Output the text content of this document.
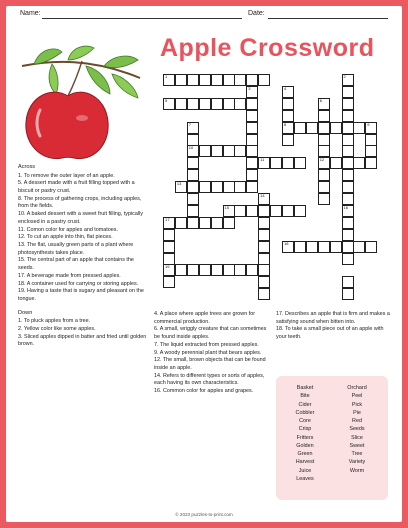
Name:	Date:
Apple Crossword
1	2
3	4
5	6
7	8	9
10
11	12
13
14
15	16
17
18
19
Across
1. To remove the outer layer of an apple.
5. A dessert made with a fruit filling topped with a biscuit or pastry crust.
8. The process of gathering crops, including apples, from the fields.
10. A baked dessert with a sweet fruit filling, typically enclosed in a pastry crust.
11. Comon color for apples and tomatoes.
12. To cut an apple into thin, flat pieces.
13. The flat, usually green parts of a plant where photosynthesis takes place.
15. The central part of an apple that contains the seeds.
17. A beverage made from pressed apples.
18. A container used for carrying or storing apples.
19. Having a taste that is sugary and pleasant on the tongue.
Down
1. To pluck apples from a tree.
2. Yellow color like some apples.
3. Sliced apples dipped in batter and fried until golden brown.
4. A place where apple trees are grown for commercial production.
6. A small, wriggly creature that can sometimes be found inside apples.
7. The liquid extracted from pressed apples.
9. A woody perennial plant that bears apples.
12. The small, brown objects that can be found inside an apple.
14. Refers to different types or sorts of apples, each having its own characteristics.
16. Common color for apples and grapes.
17. Describes an apple that is firm and makes a satisfying sound when bitten into.
18. To take a small piece out of an apple with your teeth.
Basket
Bite
Cider
Cobbler
Core
Crisp
Fritters
Golden
Green
Harvest
Juice
Leaves
Orchard
Peel
Pick
Pie
Red
Seeds
Slice
Sweet
Tree
Variety
Worm
© 2023 puzzles-to-print.com
